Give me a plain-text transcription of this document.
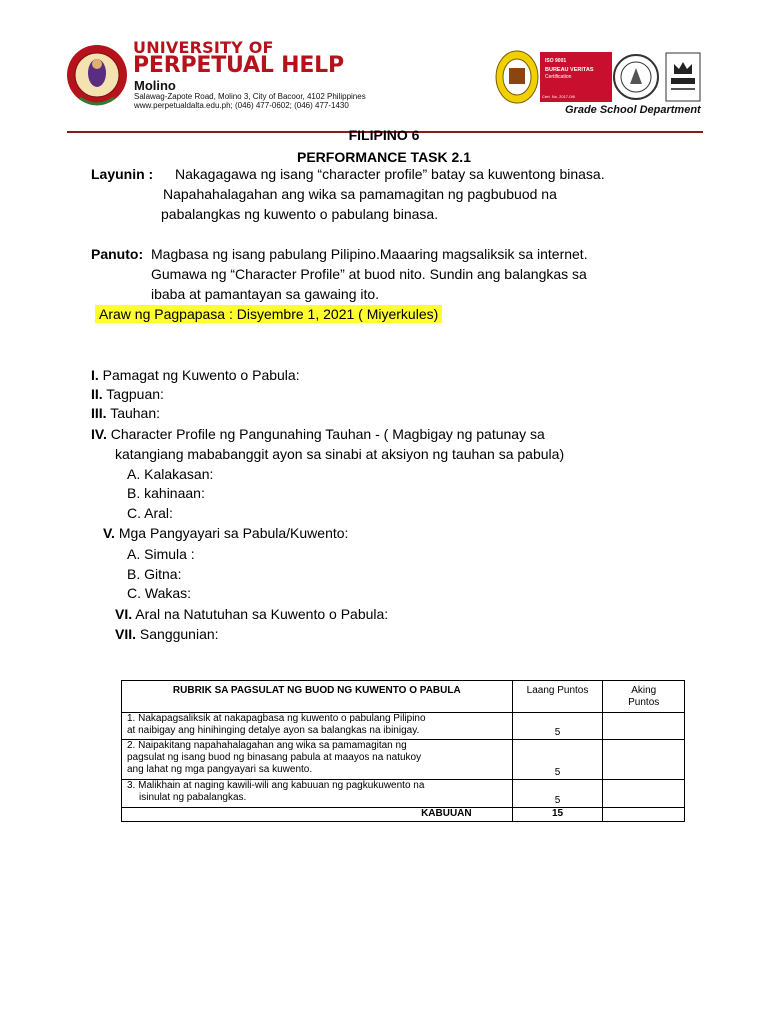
UNIVERSITY OF
PERPETUAL HELP
Molino
Salawag-Zapote Road, Molino 3, City of Bacoor, 4102 Philippines
www.perpetualdalta.edu.ph; (046) 477-0602; (046) 477-1430
ISO 9001
BUREAU VERITAS
Certification
Cert. No. 2017-0/6
Grade School Department
FILIPINO 6
PERFORMANCE TASK 2.1
Layunin : Nakagagawa ng isang “character profile” batay sa kuwentong binasa.
Napahahalagahan ang wika sa pamamagitan ng pagbubuod na
pabalangkas ng kuwento o pabulang binasa.
Panuto: Magbasa ng isang pabulang Pilipino.Maaaring magsaliksik sa internet.
Gumawa ng “Character Profile” at buod nito. Sundin ang balangkas sa
ibaba at pamantayan sa gawaing ito.
Araw ng Pagpapasa : Disyembre 1, 2021 ( Miyerkules)
I. Pamagat ng Kuwento o Pabula:
II. Tagpuan:
III. Tauhan:
IV. Character Profile ng Pangunahing Tauhan - ( Magbigay ng patunay sa
katangiang mababanggit ayon sa sinabi at aksiyon ng tauhan sa pabula)
A. Kalakasan:
B. kahinaan:
C. Aral:
V. Mga Pangyayari sa Pabula/Kuwento:
A. Simula :
B. Gitna:
C. Wakas:
VI. Aral na Natutuhan sa Kuwento o Pabula:
VII. Sanggunian:
RUBRIK SA PAGSULAT NG BUOD NG KUWENTO O PABULA	Laang Puntos	Aking Puntos

1. Nakapagsaliksik at nakapagbasa ng kuwento o pabulang Pilipino
at naibigay ang hinihinging detalye ayon sa balangkas na ibinigay.	5	

2. Naipakitang napahahalagahan ang wika sa pamamagitan ng
pagsulat ng isang buod ng binasang pabula at maayos na natukoy
ang lahat ng mga pangyayari sa kuwento.	5	

3. Malikhain at naging kawili-wili ang kabuuan ng pagkukuwento na
isinulat ng pabalangkas.	5	
KABUUAN	15	
